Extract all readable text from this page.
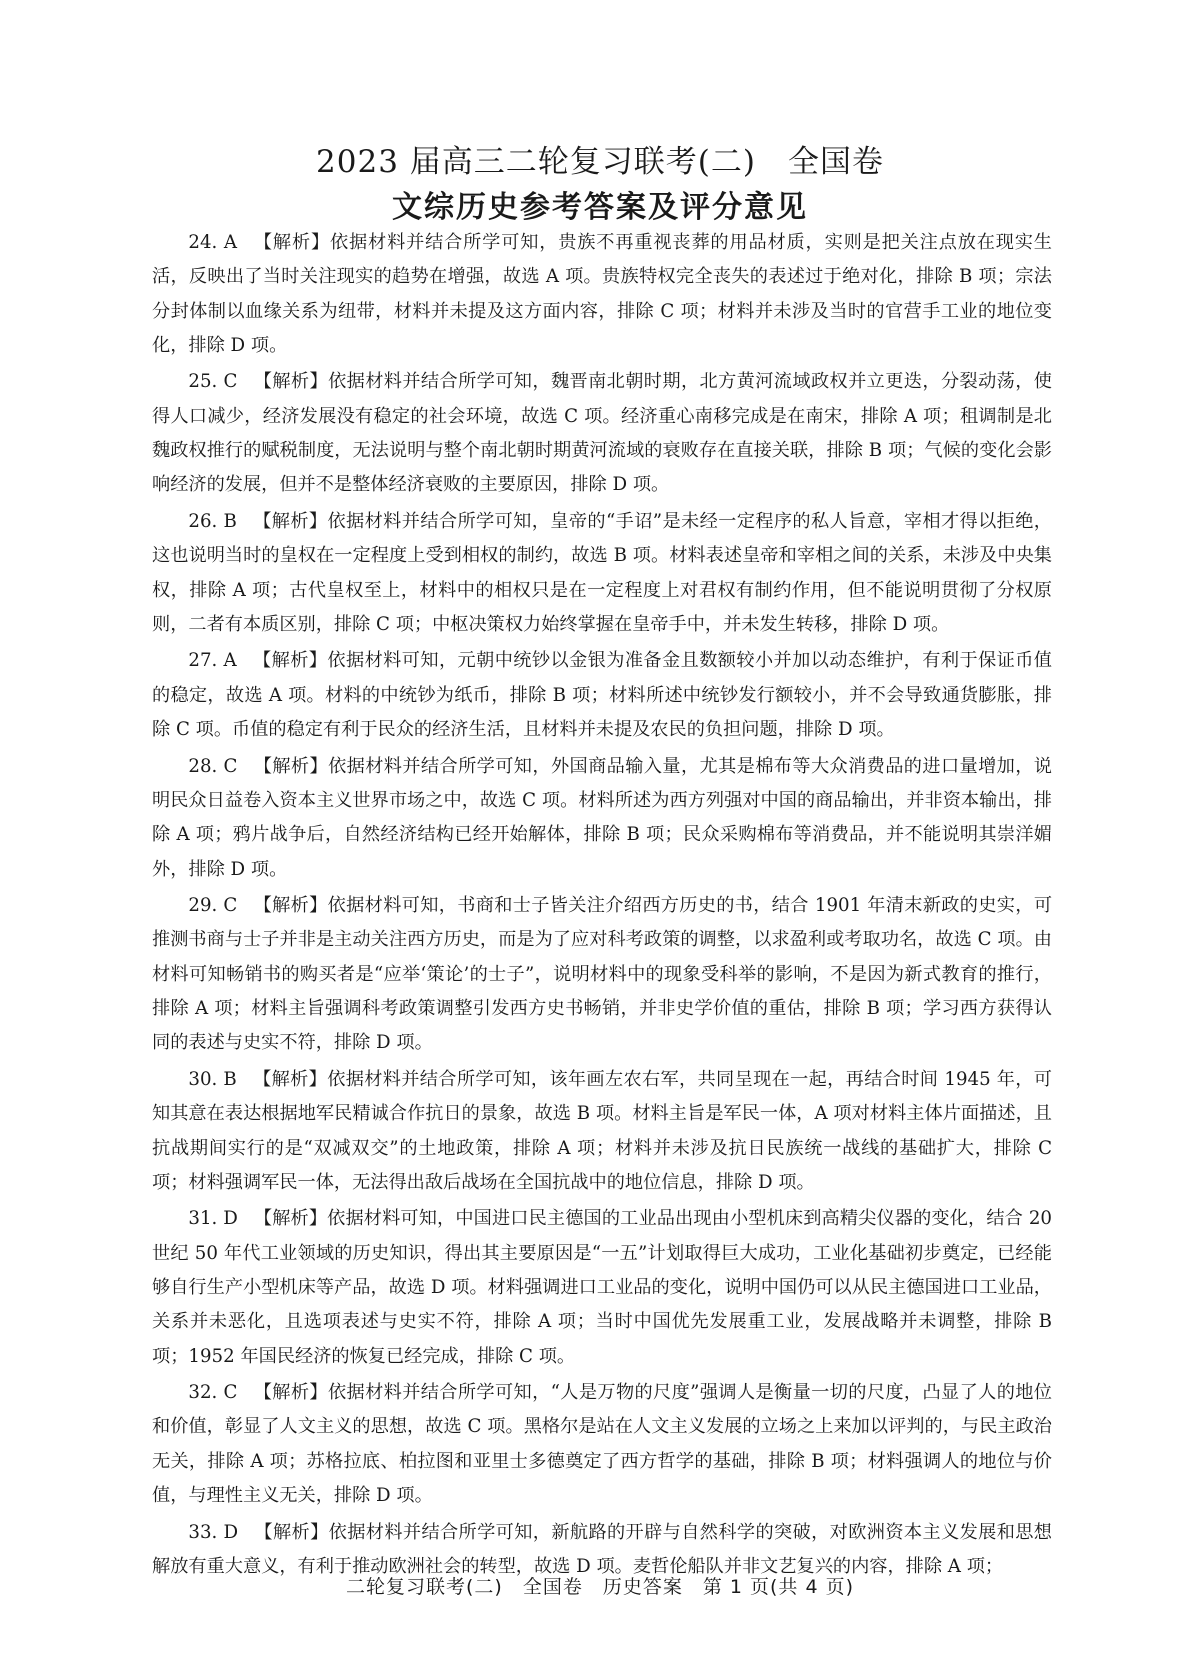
2023 届高三二轮复习联考(二)　全国卷
文综历史参考答案及评分意见

24. A 【解析】依据材料并结合所学可知，贵族不再重视丧葬的用品材质，实则是把关注点放在现实生活，反映出了当时关注现实的趋势在增强，故选 A 项。贵族特权完全丧失的表述过于绝对化，排除 B 项；宗法分封体制以血缘关系为纽带，材料并未提及这方面内容，排除 C 项；材料并未涉及当时的官营手工业的地位变化，排除 D 项。

25. C 【解析】依据材料并结合所学可知，魏晋南北朝时期，北方黄河流域政权并立更迭，分裂动荡，使得人口减少，经济发展没有稳定的社会环境，故选 C 项。经济重心南移完成是在南宋，排除 A 项；租调制是北魏政权推行的赋税制度，无法说明与整个南北朝时期黄河流域的衰败存在直接关联，排除 B 项；气候的变化会影响经济的发展，但并不是整体经济衰败的主要原因，排除 D 项。

26. B 【解析】依据材料并结合所学可知，皇帝的“手诏”是未经一定程序的私人旨意，宰相才得以拒绝，这也说明当时的皇权在一定程度上受到相权的制约，故选 B 项。材料表述皇帝和宰相之间的关系，未涉及中央集权，排除 A 项；古代皇权至上，材料中的相权只是在一定程度上对君权有制约作用，但不能说明贯彻了分权原则，二者有本质区别，排除 C 项；中枢决策权力始终掌握在皇帝手中，并未发生转移，排除 D 项。

27. A 【解析】依据材料可知，元朝中统钞以金银为准备金且数额较小并加以动态维护，有利于保证币值的稳定，故选 A 项。材料的中统钞为纸币，排除 B 项；材料所述中统钞发行额较小，并不会导致通货膨胀，排除 C 项。币值的稳定有利于民众的经济生活，且材料并未提及农民的负担问题，排除 D 项。

28. C 【解析】依据材料并结合所学可知，外国商品输入量，尤其是棉布等大众消费品的进口量增加，说明民众日益卷入资本主义世界市场之中，故选 C 项。材料所述为西方列强对中国的商品输出，并非资本输出，排除 A 项；鸦片战争后，自然经济结构已经开始解体，排除 B 项；民众采购棉布等消费品，并不能说明其崇洋媚外，排除 D 项。

29. C 【解析】依据材料可知，书商和士子皆关注介绍西方历史的书，结合 1901 年清末新政的史实，可推测书商与士子并非是主动关注西方历史，而是为了应对科考政策的调整，以求盈利或考取功名，故选 C 项。由材料可知畅销书的购买者是“应举‘策论’的士子”，说明材料中的现象受科举的影响，不是因为新式教育的推行，排除 A 项；材料主旨强调科考政策调整引发西方史书畅销，并非史学价值的重估，排除 B 项；学习西方获得认同的表述与史实不符，排除 D 项。

30. B 【解析】依据材料并结合所学可知，该年画左农右军，共同呈现在一起，再结合时间 1945 年，可知其意在表达根据地军民精诚合作抗日的景象，故选 B 项。材料主旨是军民一体，A 项对材料主体片面描述，且抗战期间实行的是“双减双交”的土地政策，排除 A 项；材料并未涉及抗日民族统一战线的基础扩大，排除 C 项；材料强调军民一体，无法得出敌后战场在全国抗战中的地位信息，排除 D 项。

31. D 【解析】依据材料可知，中国进口民主德国的工业品出现由小型机床到高精尖仪器的变化，结合 20 世纪 50 年代工业领域的历史知识，得出其主要原因是“一五”计划取得巨大成功，工业化基础初步奠定，已经能够自行生产小型机床等产品，故选 D 项。材料强调进口工业品的变化，说明中国仍可以从民主德国进口工业品，关系并未恶化，且选项表述与史实不符，排除 A 项；当时中国优先发展重工业，发展战略并未调整，排除 B 项；1952 年国民经济的恢复已经完成，排除 C 项。

32. C 【解析】依据材料并结合所学可知，“人是万物的尺度”强调人是衡量一切的尺度，凸显了人的地位和价值，彰显了人文主义的思想，故选 C 项。黑格尔是站在人文主义发展的立场之上来加以评判的，与民主政治无关，排除 A 项；苏格拉底、柏拉图和亚里士多德奠定了西方哲学的基础，排除 B 项；材料强调人的地位与价值，与理性主义无关，排除 D 项。

33. D 【解析】依据材料并结合所学可知，新航路的开辟与自然科学的突破，对欧洲资本主义发展和思想解放有重大意义，有利于推动欧洲社会的转型，故选 D 项。麦哲伦船队并非文艺复兴的内容，排除 A 项；

二轮复习联考(二)　全国卷　历史答案　第 1 页(共 4 页)
